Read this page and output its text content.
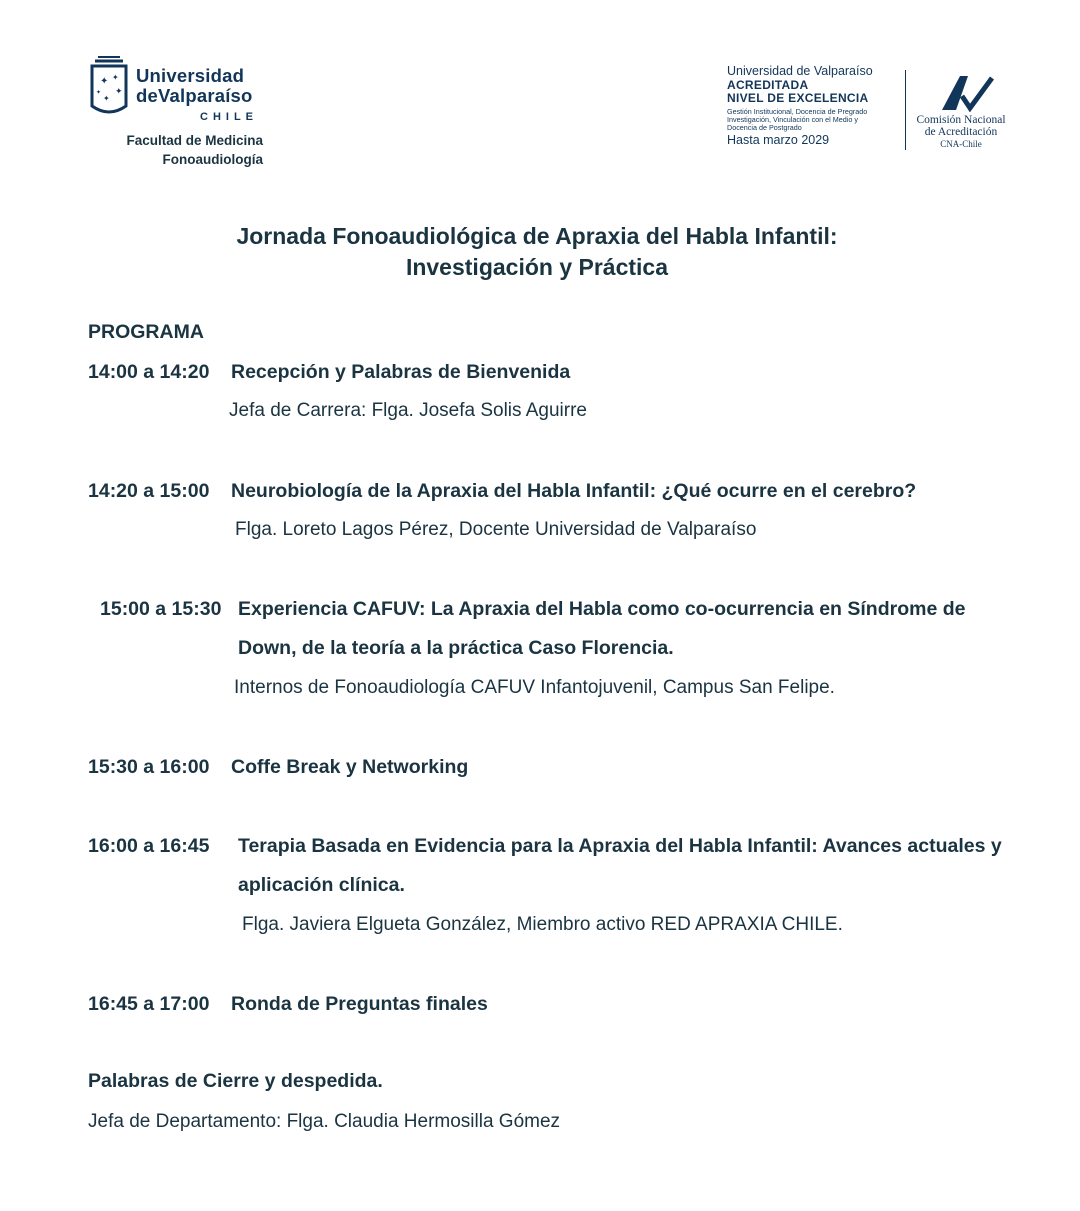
✦ ✦
✦
✦
✦
Universidad
deValparaíso
CHILE
Facultad de Medicina
Fonoaudiología
Universidad de Valparaíso
ACREDITADA
NIVEL DE EXCELENCIA
Gestión Institucional, Docencia de Pregrado
Investigación, Vinculación con el Medio y
Docencia de Postgrado
Hasta marzo 2029
Comisión Nacional
de Acreditación
CNA-Chile
Jornada Fonoaudiológica de Apraxia del Habla Infantil:
Investigación y Práctica
PROGRAMA
14:00 a 14:20 Recepción y Palabras de Bienvenida
Jefa de Carrera: Flga. Josefa Solis Aguirre
14:20 a 15:00 Neurobiología de la Apraxia del Habla Infantil: ¿Qué ocurre en el cerebro?
Flga. Loreto Lagos Pérez, Docente Universidad de Valparaíso
15:00 a 15:30 Experiencia CAFUV: La Apraxia del Habla como co-ocurrencia en Síndrome de
Down, de la teoría a la práctica Caso Florencia.
Internos de Fonoaudiología CAFUV Infantojuvenil, Campus San Felipe.
15:30 a 16:00 Coffe Break y Networking
16:00 a 16:45 Terapia Basada en Evidencia para la Apraxia del Habla Infantil: Avances actuales y
aplicación clínica.
Flga. Javiera Elgueta González, Miembro activo RED APRAXIA CHILE.
16:45 a 17:00 Ronda de Preguntas finales
Palabras de Cierre y despedida.
Jefa de Departamento: Flga. Claudia Hermosilla Gómez
